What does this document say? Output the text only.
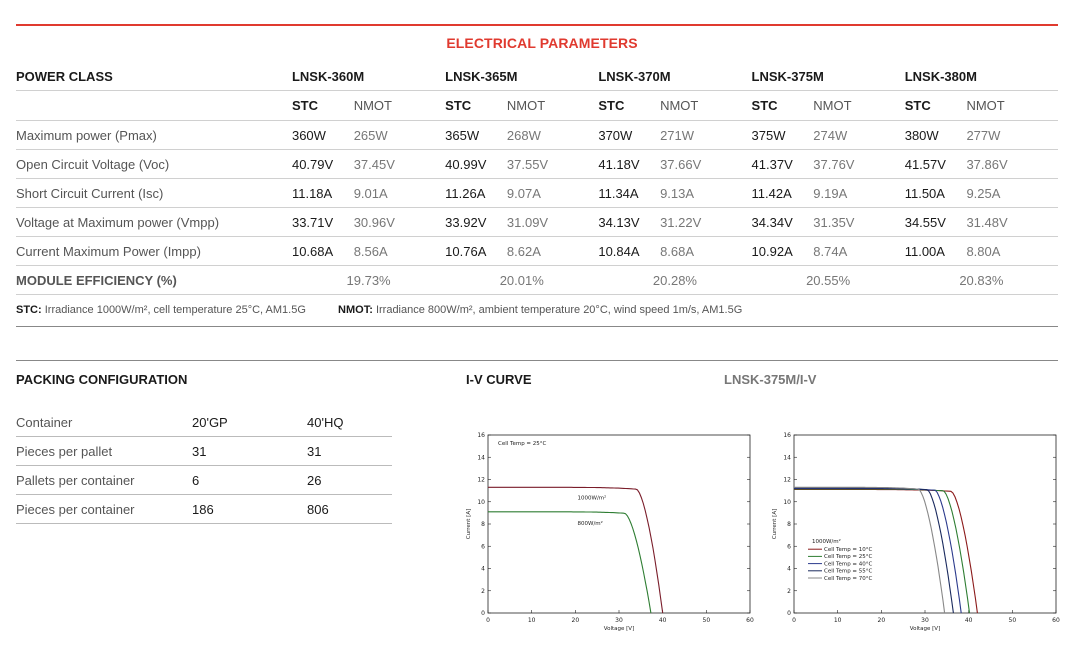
ELECTRICAL PARAMETERS
POWER CLASS	LNSK-360M		LNSK-365M		LNSK-370M		LNSK-375M		LNSK-380M	
	STC	NMOT	STC	NMOT	STC	NMOT	STC	NMOT	STC	NMOT
Maximum power (Pmax)	360W	265W	365W	268W	370W	271W	375W	274W	380W	277W
Open Circuit Voltage (Voc)	40.79V	37.45V	40.99V	37.55V	41.18V	37.66V	41.37V	37.76V	41.57V	37.86V
Short Circuit Current (Isc)	11.18A	9.01A	11.26A	9.07A	11.34A	9.13A	11.42A	9.19A	11.50A	9.25A
Voltage at Maximum power (Vmpp)	33.71V	30.96V	33.92V	31.09V	34.13V	31.22V	34.34V	31.35V	34.55V	31.48V
Current Maximum Power (Impp)	10.68A	8.56A	10.76A	8.62A	10.84A	8.68A	10.92A	8.74A	11.00A	8.80A
MODULE EFFICIENCY (%)	19.73%		20.01%		20.28%		20.55%		20.83%	
STC: Irradiance 1000W/m², cell temperature 25°C, AM1.5G	NMOT: Irradiance 800W/m², ambient temperature 20°C, wind speed 1m/s, AM1.5G
PACKING CONFIGURATION	I-V CURVE	LNSK-375M/I-V
Container	20'GP	40'HQ
Pieces per pallet	31	31
Pallets per container	6	26
Pieces per container	186	806
0	10	20	30	40	50	60
0
2
4
6
8
10
12
14
16
Voltage [V]
Current [A]
Cell Temp = 25°C
1000W/m²
800W/m²
0	10	20	30	40	50	60
0
2
4
6
8
10
12
14
16
Voltage [V]
Current [A]
1000W/m²
Cell Temp = 10°C
Cell Temp = 25°C
Cell Temp = 40°C
Cell Temp = 55°C
Cell Temp = 70°C
